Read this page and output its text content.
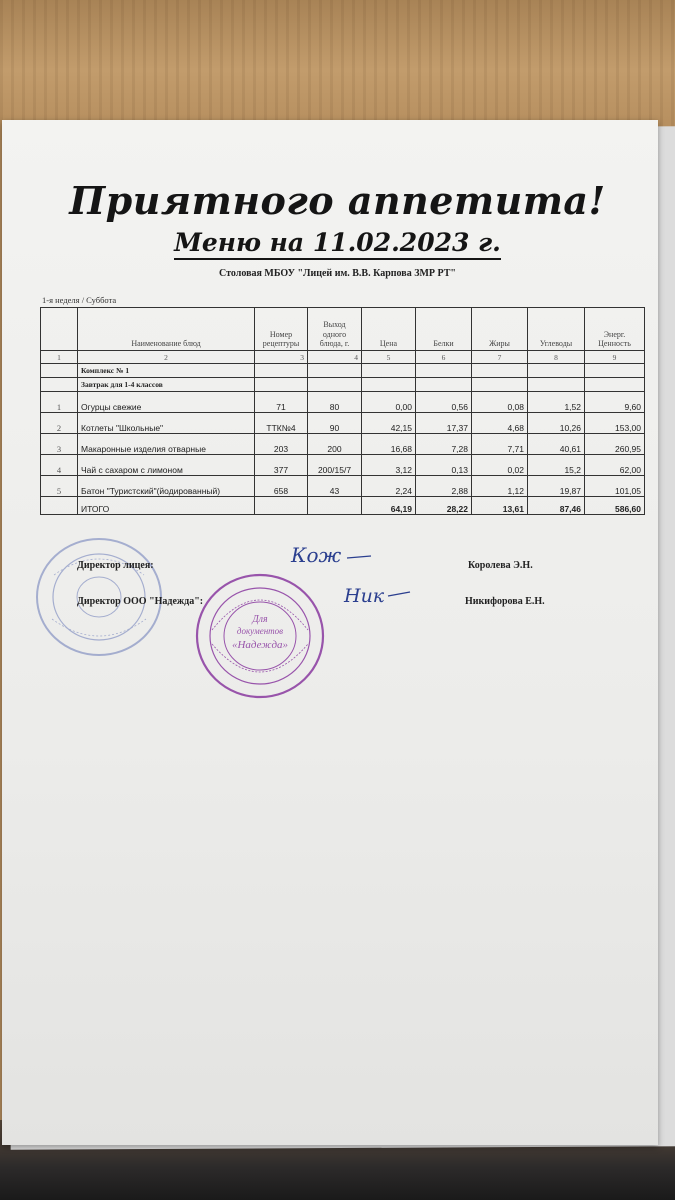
Приятного аппетита!
Меню на 11.02.2023 г.
Столовая МБОУ "Лицей им. В.В. Карпова ЗМР РТ"
1-я неделя / Суббота
	Наименование блюд	Номер рецептуры	Выход одного блюда, г.	Цена	Белки	Жиры	Углеводы	Энерг. Ценность
1	2	3	4	5	6	7	8	9
	Комплекс № 1							
	Завтрак для 1-4 классов							
1	Огурцы свежие	71	80	0,00	0,56	0,08	1,52	9,60
2	Котлеты "Школьные"	ТТК№4	90	42,15	17,37	4,68	10,26	153,00
3	Макаронные изделия отварные	203	200	16,68	7,28	7,71	40,61	260,95
4	Чай с сахаром с лимоном	377	200/15/7	3,12	0,13	0,02	15,2	62,00
5	Батон "Туристский"(йодированный)	658	43	2,24	2,88	1,12	19,87	101,05
	ИТОГО			64,19	28,22	13,61	87,46	586,60
Для
документов
«Надежда»
Директор лицея:	Королева Э.Н.
Директор ООО "Надежда":	Никифорова Е.Н.
Кож
Ник
